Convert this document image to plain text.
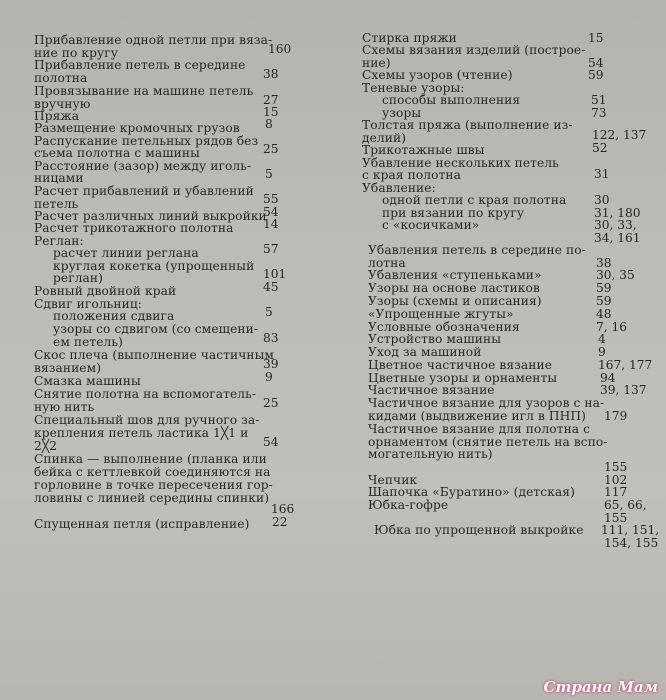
Прибавление одной петли при вяза-
ние по кругу	160
Прибавление петель в середине
полотна	38
Провязывание на машине петель
вручную	27
Пряжа	15
Размещение кромочных грузов 8
Распускание петельных рядов без
съема полотна с машины	25
Расстояние (зазор) между иголь-
ницами	5
Расчет прибавлений и убавлений
петель	55
Расчет различных линий выкройки
54
Расчет трикотажного полотна 14
Реглан:
расчет линии реглана	57
круглая кокетка (упрощенный
реглан)	101
Ровный двойной край	45
Сдвиг игольниц:
положения сдвига	5
узоры со сдвигом (со смещени-
ем петель)	83
Скос плеча (выполнение частичным
вязанием)	39
Смазка машины	9
Снятие полотна на вспомогатель-
ную нить	25
Специальный шов для ручного за-
крепления петель ластика 1╳1 и
2╳2	54
Спинка — выполнение (планка или
бейка с кеттлевкой соединяются на
горловине в точке пересечения гор-
ловины с линией середины спинки)
166
Спущенная петля (исправление) 22
Стирка пряжи	15
Схемы вязания изделий (построе-
ние)	54
Схемы узоров (чтение)	59
Теневые узоры:
способы выполнения	51
узоры	73
Толстая пряжа (выполнение из-
делий)	122, 137
Трикотажные швы	52
Убавление нескольких петель
с края полотна	31
Убавление:
одной петли с края полотна 30
при вязании по кругу	31, 180
с «косичками»	30, 33,
34, 161
Убавления петель в середине по-
лотна	38
Убавления «ступеньками»	30, 35
Узоры на основе ластиков	59
Узоры (схемы и описания)	59
«Упрощенные жгуты»	48
Условные обозначения	7, 16
Устройство машины	4
Уход за машиной	9
Цветное частичное вязание	167, 177
Цветные узоры и орнаменты	94
Частичное вязание	39, 137
Частичное вязание для узоров с на-
кидами (выдвижение игл в ПНП) 179
Частичное вязание для полотна с
орнаментом (снятие петель на вспо-
могательную нить)
155
Чепчик	102
Шапочка «Буратино» (детская) 117
Юбка-гофре	65, 66,
155
Юбка по упрощенной выкройке 111, 151,
154, 155
Страна Мам
